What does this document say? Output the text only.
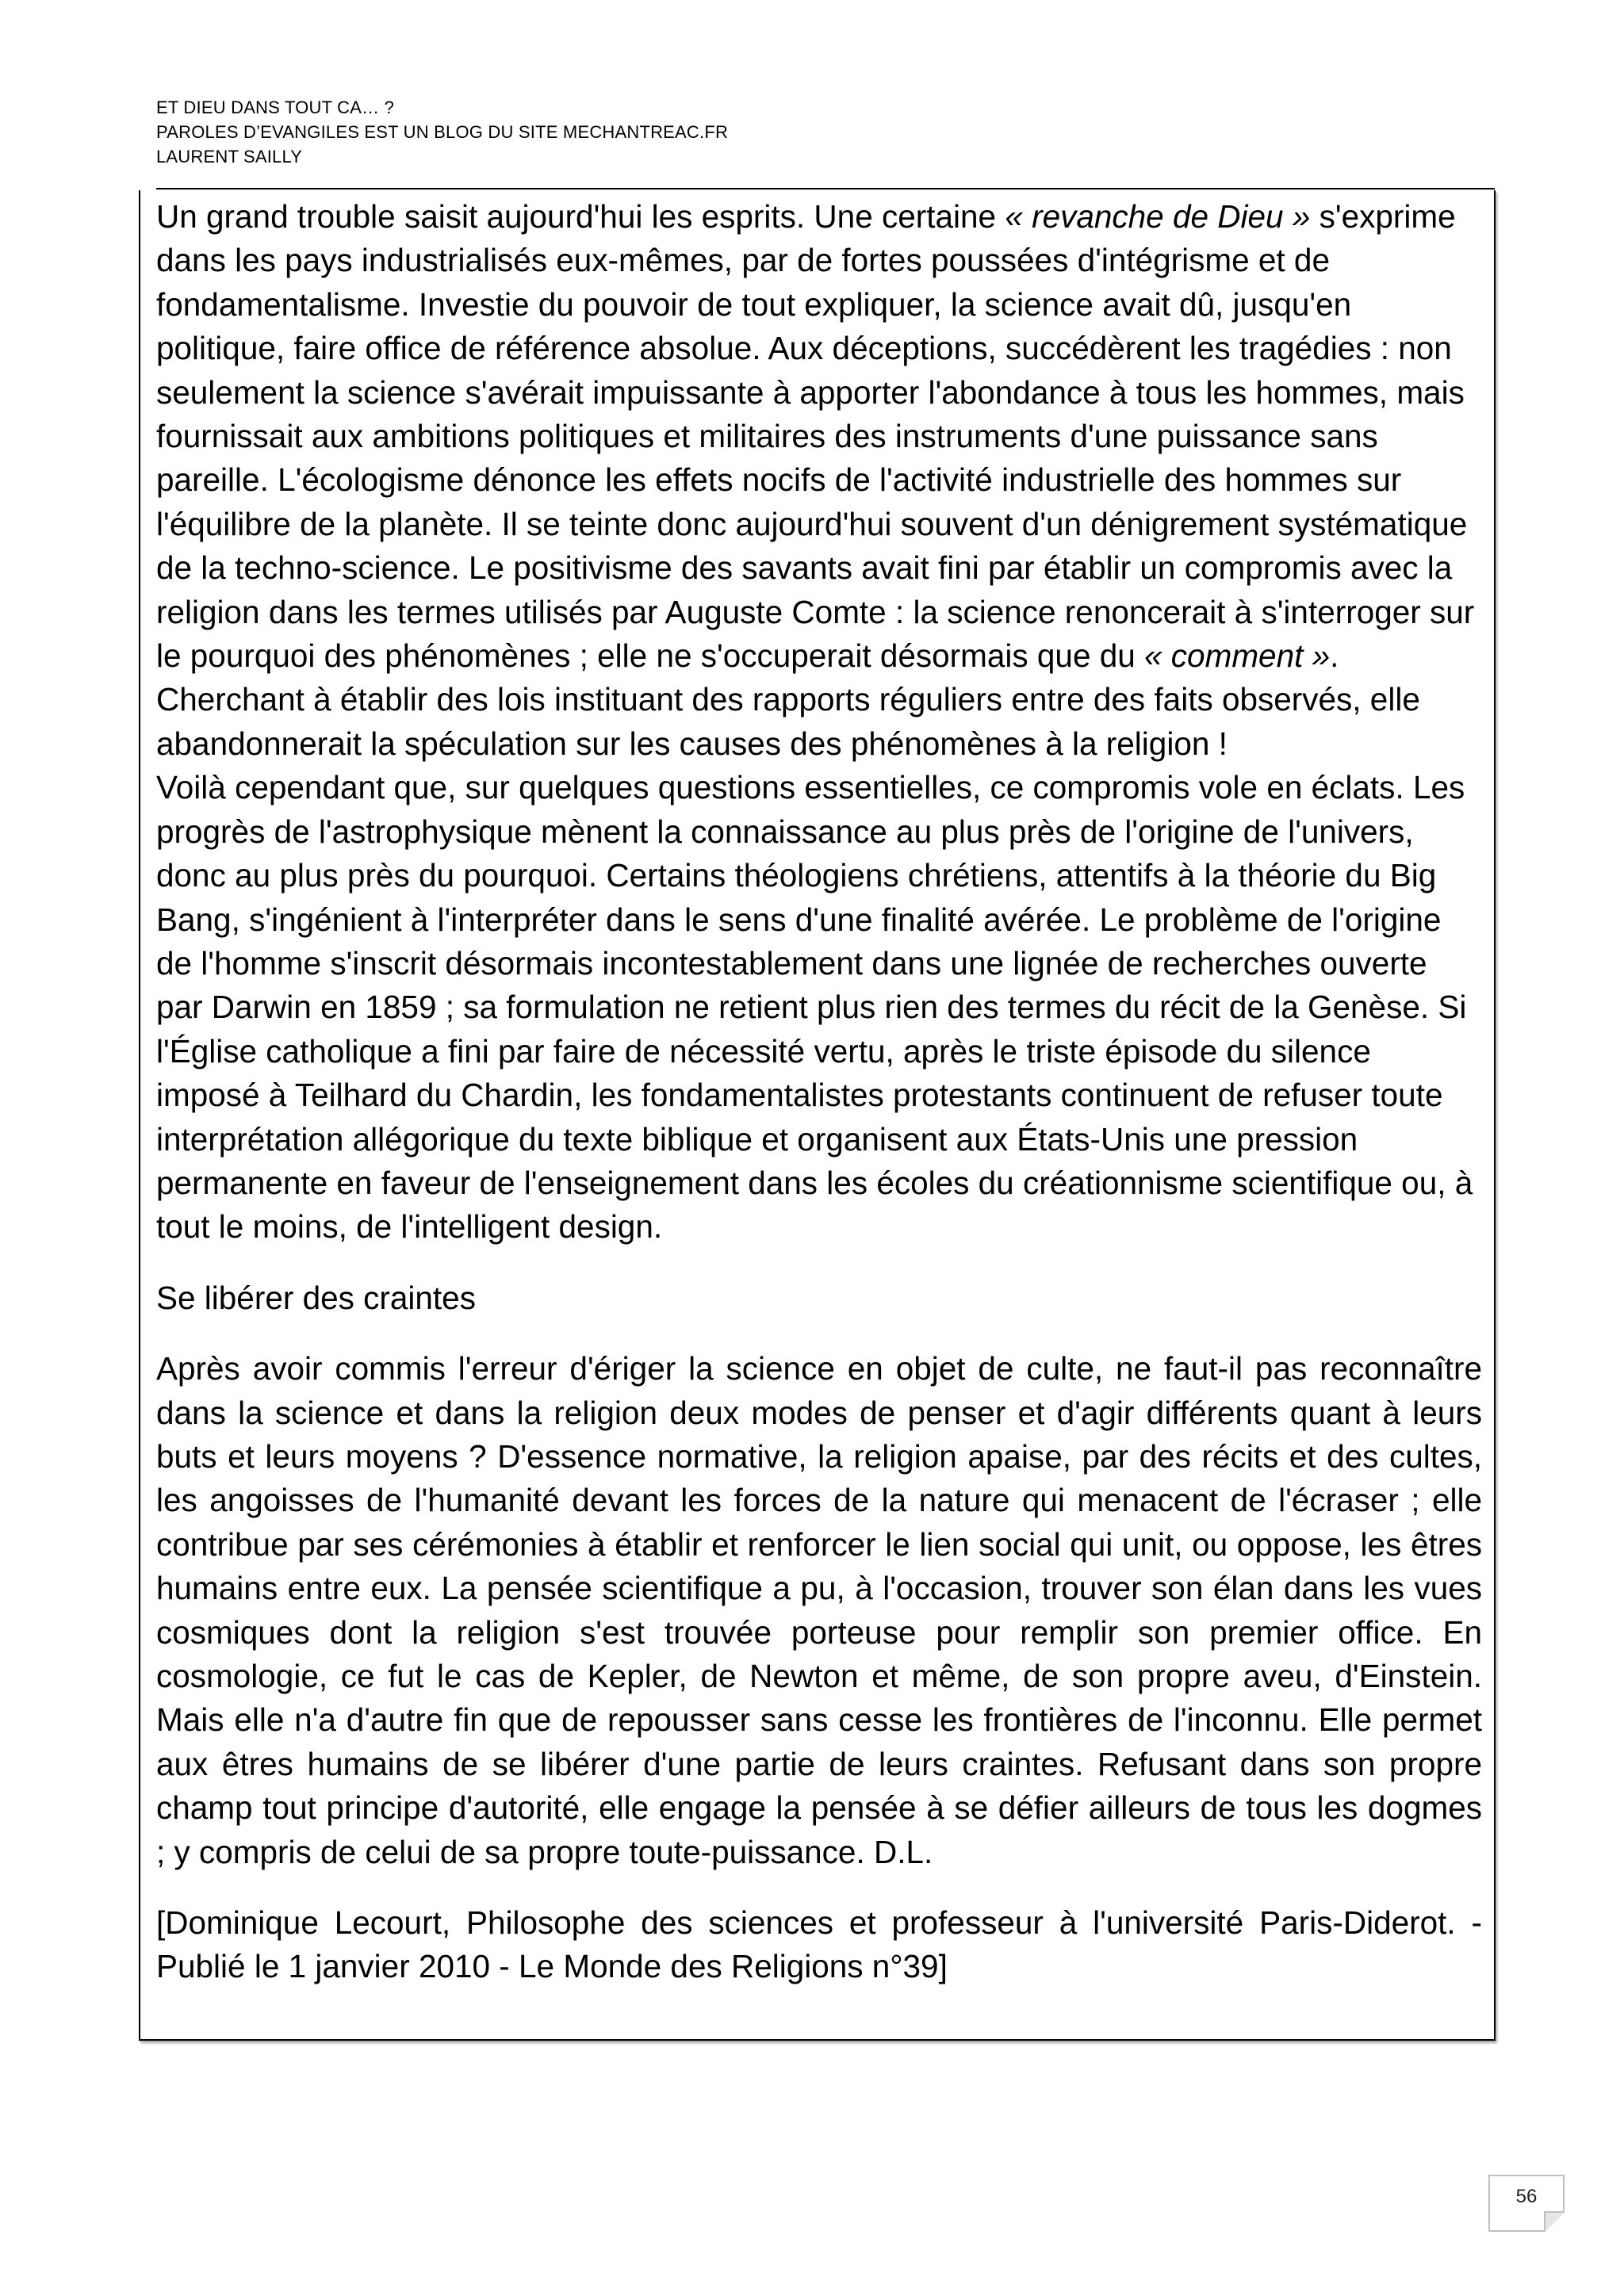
ET DIEU DANS TOUT CA… ?
PAROLES D’EVANGILES EST UN BLOG DU SITE MECHANTREAC.FR
LAURENT SAILLY

Un grand trouble saisit aujourd'hui les esprits. Une certaine « revanche de Dieu » s'exprime dans les pays industrialisés eux-mêmes, par de fortes poussées d'intégrisme et de fondamentalisme. Investie du pouvoir de tout expliquer, la science avait dû, jusqu'en politique, faire office de référence absolue. Aux déceptions, succédèrent les tragédies : non seulement la science s'avérait impuissante à apporter l'abondance à tous les hommes, mais fournissait aux ambitions politiques et militaires des instruments d'une puissance sans pareille. L'écologisme dénonce les effets nocifs de l'activité industrielle des hommes sur l'équilibre de la planète. Il se teinte donc aujourd'hui souvent d'un dénigrement systématique de la techno-science. Le positivisme des savants avait fini par établir un compromis avec la religion dans les termes utilisés par Auguste Comte : la science renoncerait à s'interroger sur le pourquoi des phénomènes ; elle ne s'occuperait désormais que du « comment ». Cherchant à établir des lois instituant des rapports réguliers entre des faits observés, elle abandonnerait la spéculation sur les causes des phénomènes à la religion !

Voilà cependant que, sur quelques questions essentielles, ce compromis vole en éclats. Les progrès de l'astrophysique mènent la connaissance au plus près de l'origine de l'univers, donc au plus près du pourquoi. Certains théologiens chrétiens, attentifs à la théorie du Big Bang, s'ingénient à l'interpréter dans le sens d'une finalité avérée. Le problème de l'origine de l'homme s'inscrit désormais incontestablement dans une lignée de recherches ouverte par Darwin en 1859 ; sa formulation ne retient plus rien des termes du récit de la Genèse. Si l'Église catholique a fini par faire de nécessité vertu, après le triste épisode du silence imposé à Teilhard du Chardin, les fondamentalistes protestants continuent de refuser toute interprétation allégorique du texte biblique et organisent aux États-Unis une pression permanente en faveur de l'enseignement dans les écoles du créationnisme scientifique ou, à tout le moins, de l'intelligent design.

Se libérer des craintes

Après avoir commis l'erreur d'ériger la science en objet de culte, ne faut-il pas reconnaître dans la science et dans la religion deux modes de penser et d'agir différents quant à leurs buts et leurs moyens ? D'essence normative, la religion apaise, par des récits et des cultes, les angoisses de l'humanité devant les forces de la nature qui menacent de l'écraser ; elle contribue par ses cérémonies à établir et renforcer le lien social qui unit, ou oppose, les êtres humains entre eux. La pensée scientifique a pu, à l'occasion, trouver son élan dans les vues cosmiques dont la religion s'est trouvée porteuse pour remplir son premier office. En cosmologie, ce fut le cas de Kepler, de Newton et même, de son propre aveu, d'Einstein. Mais elle n'a d'autre fin que de repousser sans cesse les frontières de l'inconnu. Elle permet aux êtres humains de se libérer d'une partie de leurs craintes. Refusant dans son propre champ tout principe d'autorité, elle engage la pensée à se défier ailleurs de tous les dogmes ; y compris de celui de sa propre toute-puissance. D.L.

[Dominique Lecourt, Philosophe des sciences et professeur à l'université Paris-Diderot. - Publié le 1 janvier 2010 - Le Monde des Religions n°39]

56
